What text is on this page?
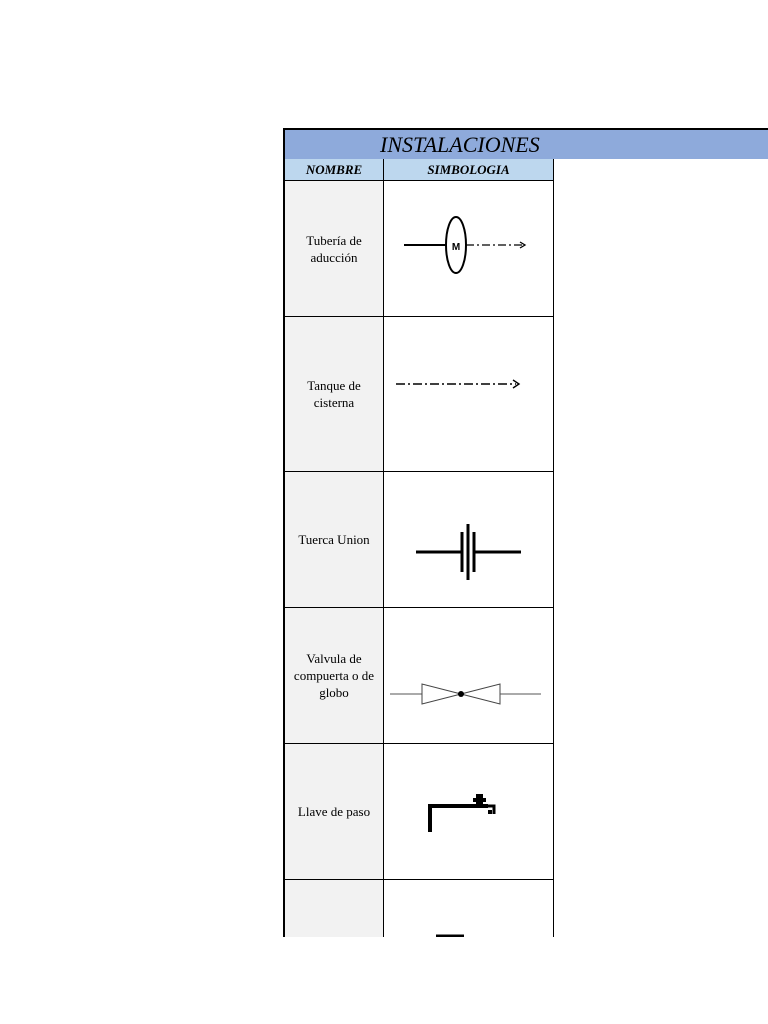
INSTALACIONES
NOMBRE	SIMBOLOGIA
Tubería de aducción
M
Tanque de cisterna
Tuerca Union
Valvula de compuerta o de globo
Llave de paso
